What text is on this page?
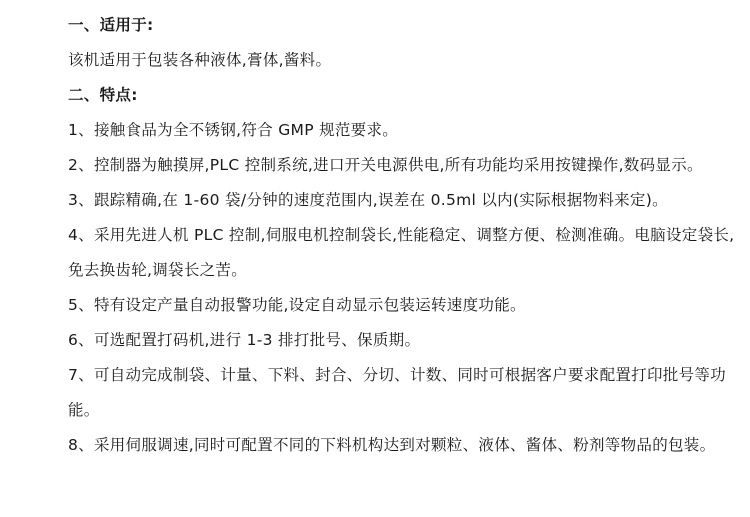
一、适用于:

该机适用于包装各种液体,膏体,酱料。

二、特点:

1、接触食品为全不锈钢,符合 GMP 规范要求。

2、控制器为触摸屏,PLC 控制系统,进口开关电源供电,所有功能均采用按键操作,数码显示。

3、跟踪精确,在 1-60 袋/分钟的速度范围内,误差在 0.5ml 以内(实际根据物料来定)。

4、采用先进人机 PLC 控制,伺服电机控制袋长,性能稳定、调整方便、检测准确。电脑设定袋长,免去换齿轮,调袋长之苦。

5、特有设定产量自动报警功能,设定自动显示包装运转速度功能。

6、可选配置打码机,进行 1-3 排打批号、保质期。

7、可自动完成制袋、计量、下料、封合、分切、计数、同时可根据客户要求配置打印批号等功能。

8、采用伺服调速,同时可配置不同的下料机构达到对颗粒、液体、酱体、粉剂等物品的包装。
